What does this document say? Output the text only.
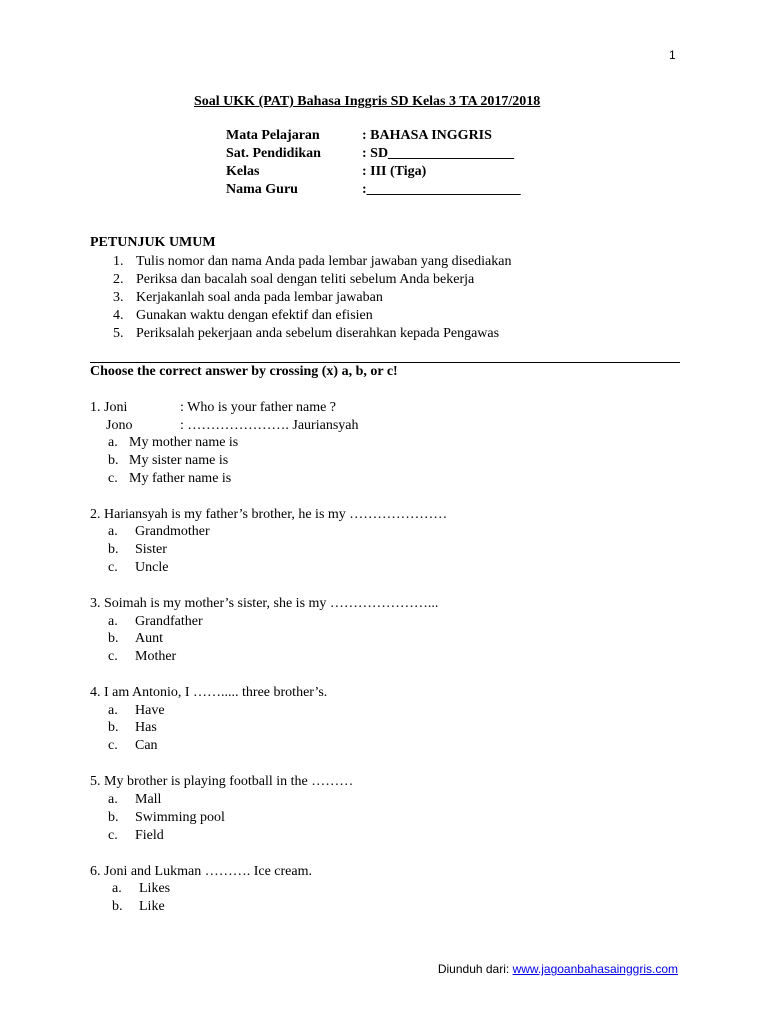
1
Soal UKK (PAT) Bahasa Inggris SD Kelas 3 TA 2017/2018
Mata Pelajaran	: BAHASA INGGRIS
Sat. Pendidikan	: SD__________________
Kelas	: III (Tiga)
Nama Guru	:______________________
PETUNJUK UMUM
1. Tulis nomor dan nama Anda pada lembar jawaban yang disediakan
2. Periksa dan bacalah soal dengan teliti sebelum Anda bekerja
3. Kerjakanlah soal anda pada lembar jawaban
4. Gunakan waktu dengan efektif dan efisien
5. Periksalah pekerjaan anda sebelum diserahkan kepada Pengawas
Choose the correct answer by crossing (x) a, b, or c!
1. Joni	: Who is your father name ?
Jono	: …………………. Jauriansyah
a. My mother name is
b. My sister name is
c. My father name is
2. Hariansyah is my father’s brother, he is my …………………
a. Grandmother
b. Sister
c. Uncle
3. Soimah is my mother’s sister, she is my …………………...
a. Grandfather
b. Aunt
c. Mother
4. I am Antonio, I ……..... three brother’s.
a. Have
b. Has
c. Can
5. My brother is playing football in the ………
a. Mall
b. Swimming pool
c. Field
6. Joni and Lukman ………. Ice cream.
a. Likes
b. Like
Diunduh dari: www.jagoanbahasainggris.com
